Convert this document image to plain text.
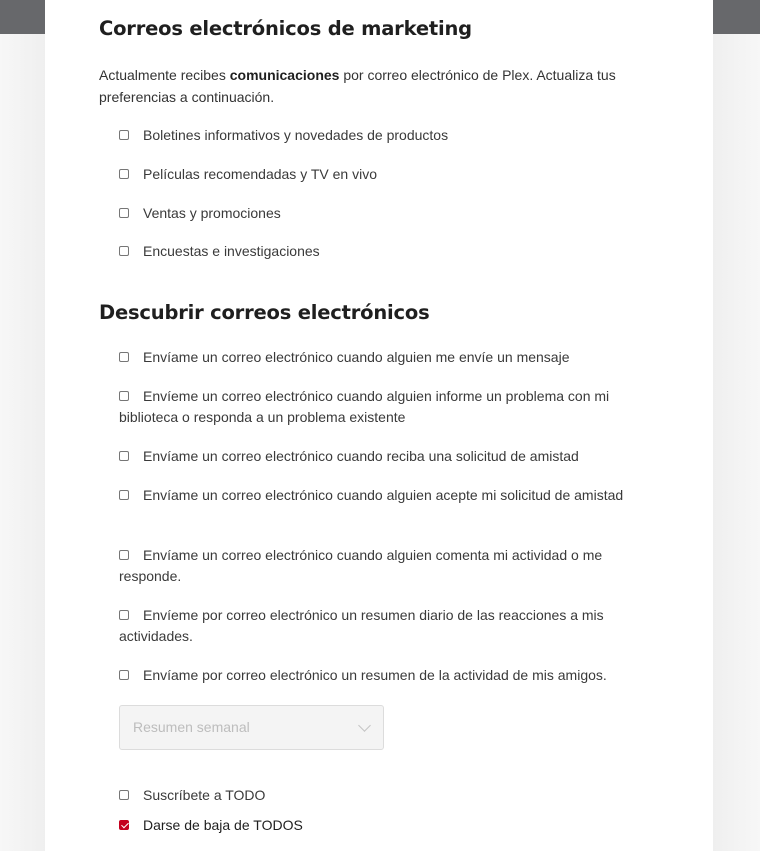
Correos electrónicos de marketing

Actualmente recibes comunicaciones por correo electrónico de Plex. Actualiza tus preferencias a continuación.

Boletines informativos y novedades de productos
Películas recomendadas y TV en vivo
Ventas y promociones
Encuestas e investigaciones
Descubrir correos electrónicos
Envíame un correo electrónico cuando alguien me envíe un mensaje
Envíeme un correo electrónico cuando alguien informe un problema con mi biblioteca o responda a un problema existente
Envíame un correo electrónico cuando reciba una solicitud de amistad
Envíame un correo electrónico cuando alguien acepte mi solicitud de amistad
Envíame un correo electrónico cuando alguien comenta mi actividad o me responde.
Envíeme por correo electrónico un resumen diario de las reacciones a mis actividades.
Envíame por correo electrónico un resumen de la actividad de mis amigos.
Resumen semanal
Suscríbete a TODO
Darse de baja de TODOS
